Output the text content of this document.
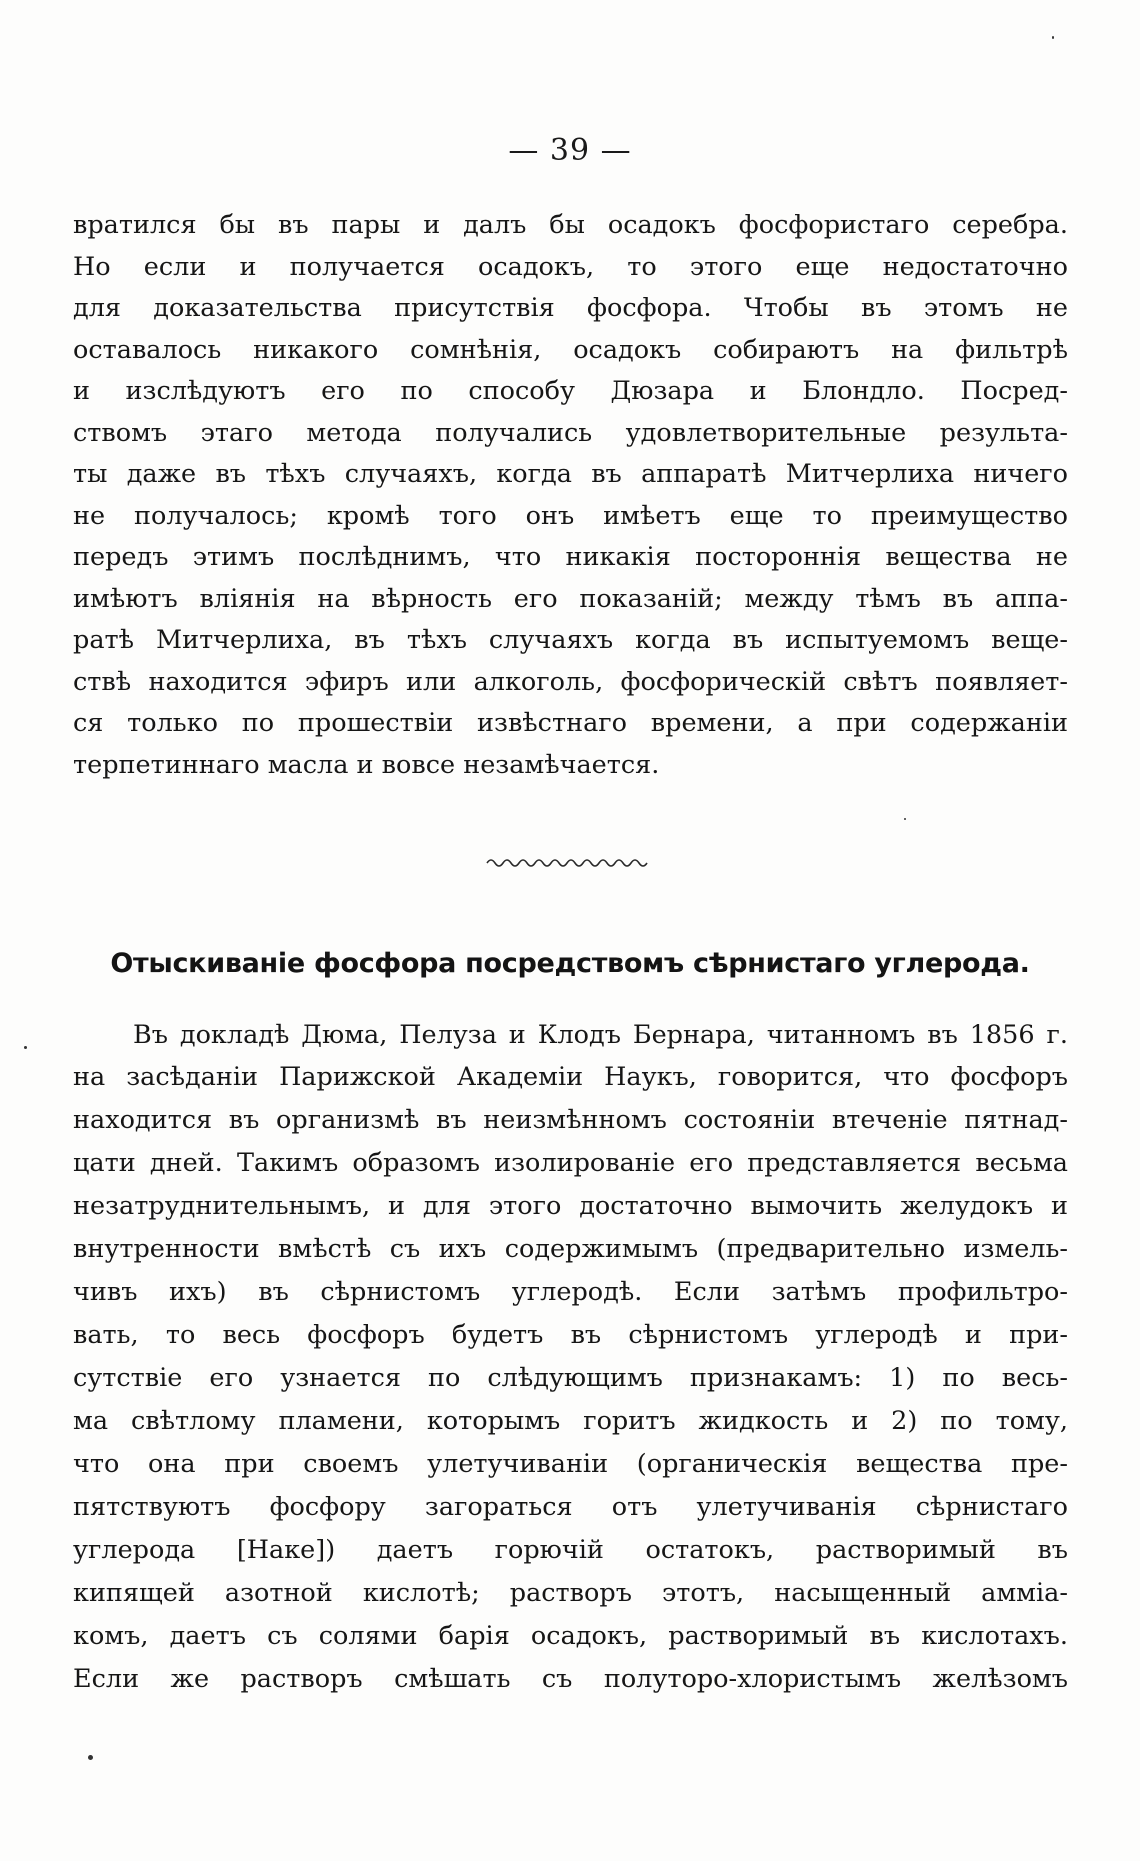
— 39 —
вратился бы въ пары и далъ бы осадокъ фосфористаго серебра.
Но если и получается осадокъ, то этого еще недостаточно
для доказательства присутствія фосфора. Чтобы въ этомъ не
оставалось никакого сомнѣнія, осадокъ собираютъ на фильтрѣ
и изслѣдуютъ его по способу Дюзара и Блондло. Посред-
ствомъ этаго метода получались удовлетворительные результа-
ты даже въ тѣхъ случаяхъ, когда въ аппаратѣ Митчерлиха ничего
не получалось; кромѣ того онъ имѣетъ еще то преимущество
передъ этимъ послѣднимъ, что никакія постороннія вещества не
имѣютъ вліянія на вѣрность его показаній; между тѣмъ въ аппа-
ратѣ Митчерлиха, въ тѣхъ случаяхъ когда въ испытуемомъ веще-
ствѣ находится эфиръ или алкоголь, фосфорическій свѣтъ появляет-
ся только по прошествіи извѣстнаго времени, а при содержаніи
терпетиннаго масла и вовсе незамѣчается.
Отыскиваніе фосфора посредствомъ сѣрнистаго углерода.
Въ докладѣ Дюма, Пелуза и Клодъ Бернара, читанномъ въ 1856 г.
на засѣданіи Парижской Академіи Наукъ, говорится, что фосфоръ
находится въ организмѣ въ неизмѣнномъ состояніи втеченіе пятнад-
цати дней. Такимъ образомъ изолированіе его представляется весьма
незатруднительнымъ, и для этого достаточно вымочить желудокъ и
внутренности вмѣстѣ съ ихъ содержимымъ (предварительно измель-
чивъ ихъ) въ сѣрнистомъ углеродѣ. Если затѣмъ профильтро-
вать, то весь фосфоръ будетъ въ сѣрнистомъ углеродѣ и при-
сутствіе его узнается по слѣдующимъ признакамъ: 1) по весь-
ма свѣтлому пламени, которымъ горитъ жидкость и 2) по тому,
что она при своемъ улетучиваніи (органическія вещества пре-
пятствуютъ фосфору загораться отъ улетучиванія сѣрнистаго
углерода [Наке]) даетъ горючій остатокъ, растворимый въ
кипящей азотной кислотѣ; растворъ этотъ, насыщенный амміа-
комъ, даетъ съ солями барія осадокъ, растворимый въ кислотахъ.
Если же растворъ смѣшать съ полуторо-хлористымъ желѣзомъ
